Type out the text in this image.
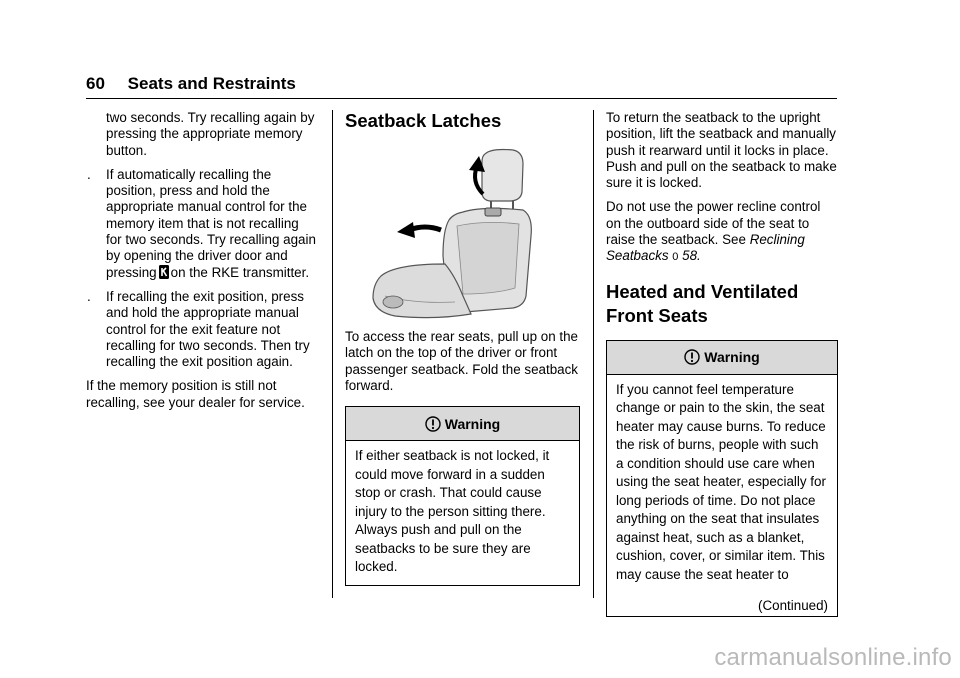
60 Seats and Restraints
two seconds. Try recalling again by pressing the appropriate memory button.
. If automatically recalling the position, press and hold the appropriate manual control for the memory item that is not recalling for two seconds. Try recalling again by opening the driver door and pressing on the RKE transmitter.
. If recalling the exit position, press and hold the appropriate manual control for the exit feature not recalling for two seconds. Then try recalling the exit position again.

If the memory position is still not recalling, see your dealer for service.

Seatback Latches

To access the rear seats, pull up on the latch on the top of the driver or front passenger seatback. Fold the seatback forward.

Warning
If either seatback is not locked, it could move forward in a sudden stop or crash. That could cause injury to the person sitting there. Always push and pull on the seatbacks to be sure they are locked.

To return the seatback to the upright position, lift the seatback and manually push it rearward until it locks in place. Push and pull on the seatback to make sure it is locked.

Do not use the power recline control on the outboard side of the seat to raise the seatback. See Reclining Seatbacks 0 58.

Heated and Ventilated Front Seats
Warning
If you cannot feel temperature change or pain to the skin, the seat heater may cause burns. To reduce the risk of burns, people with such a condition should use care when using the seat heater, especially for long periods of time. Do not place anything on the seat that insulates against heat, such as a blanket, cushion, cover, or similar item. This may cause the seat heater to
(Continued)
carmanualsonline.info
